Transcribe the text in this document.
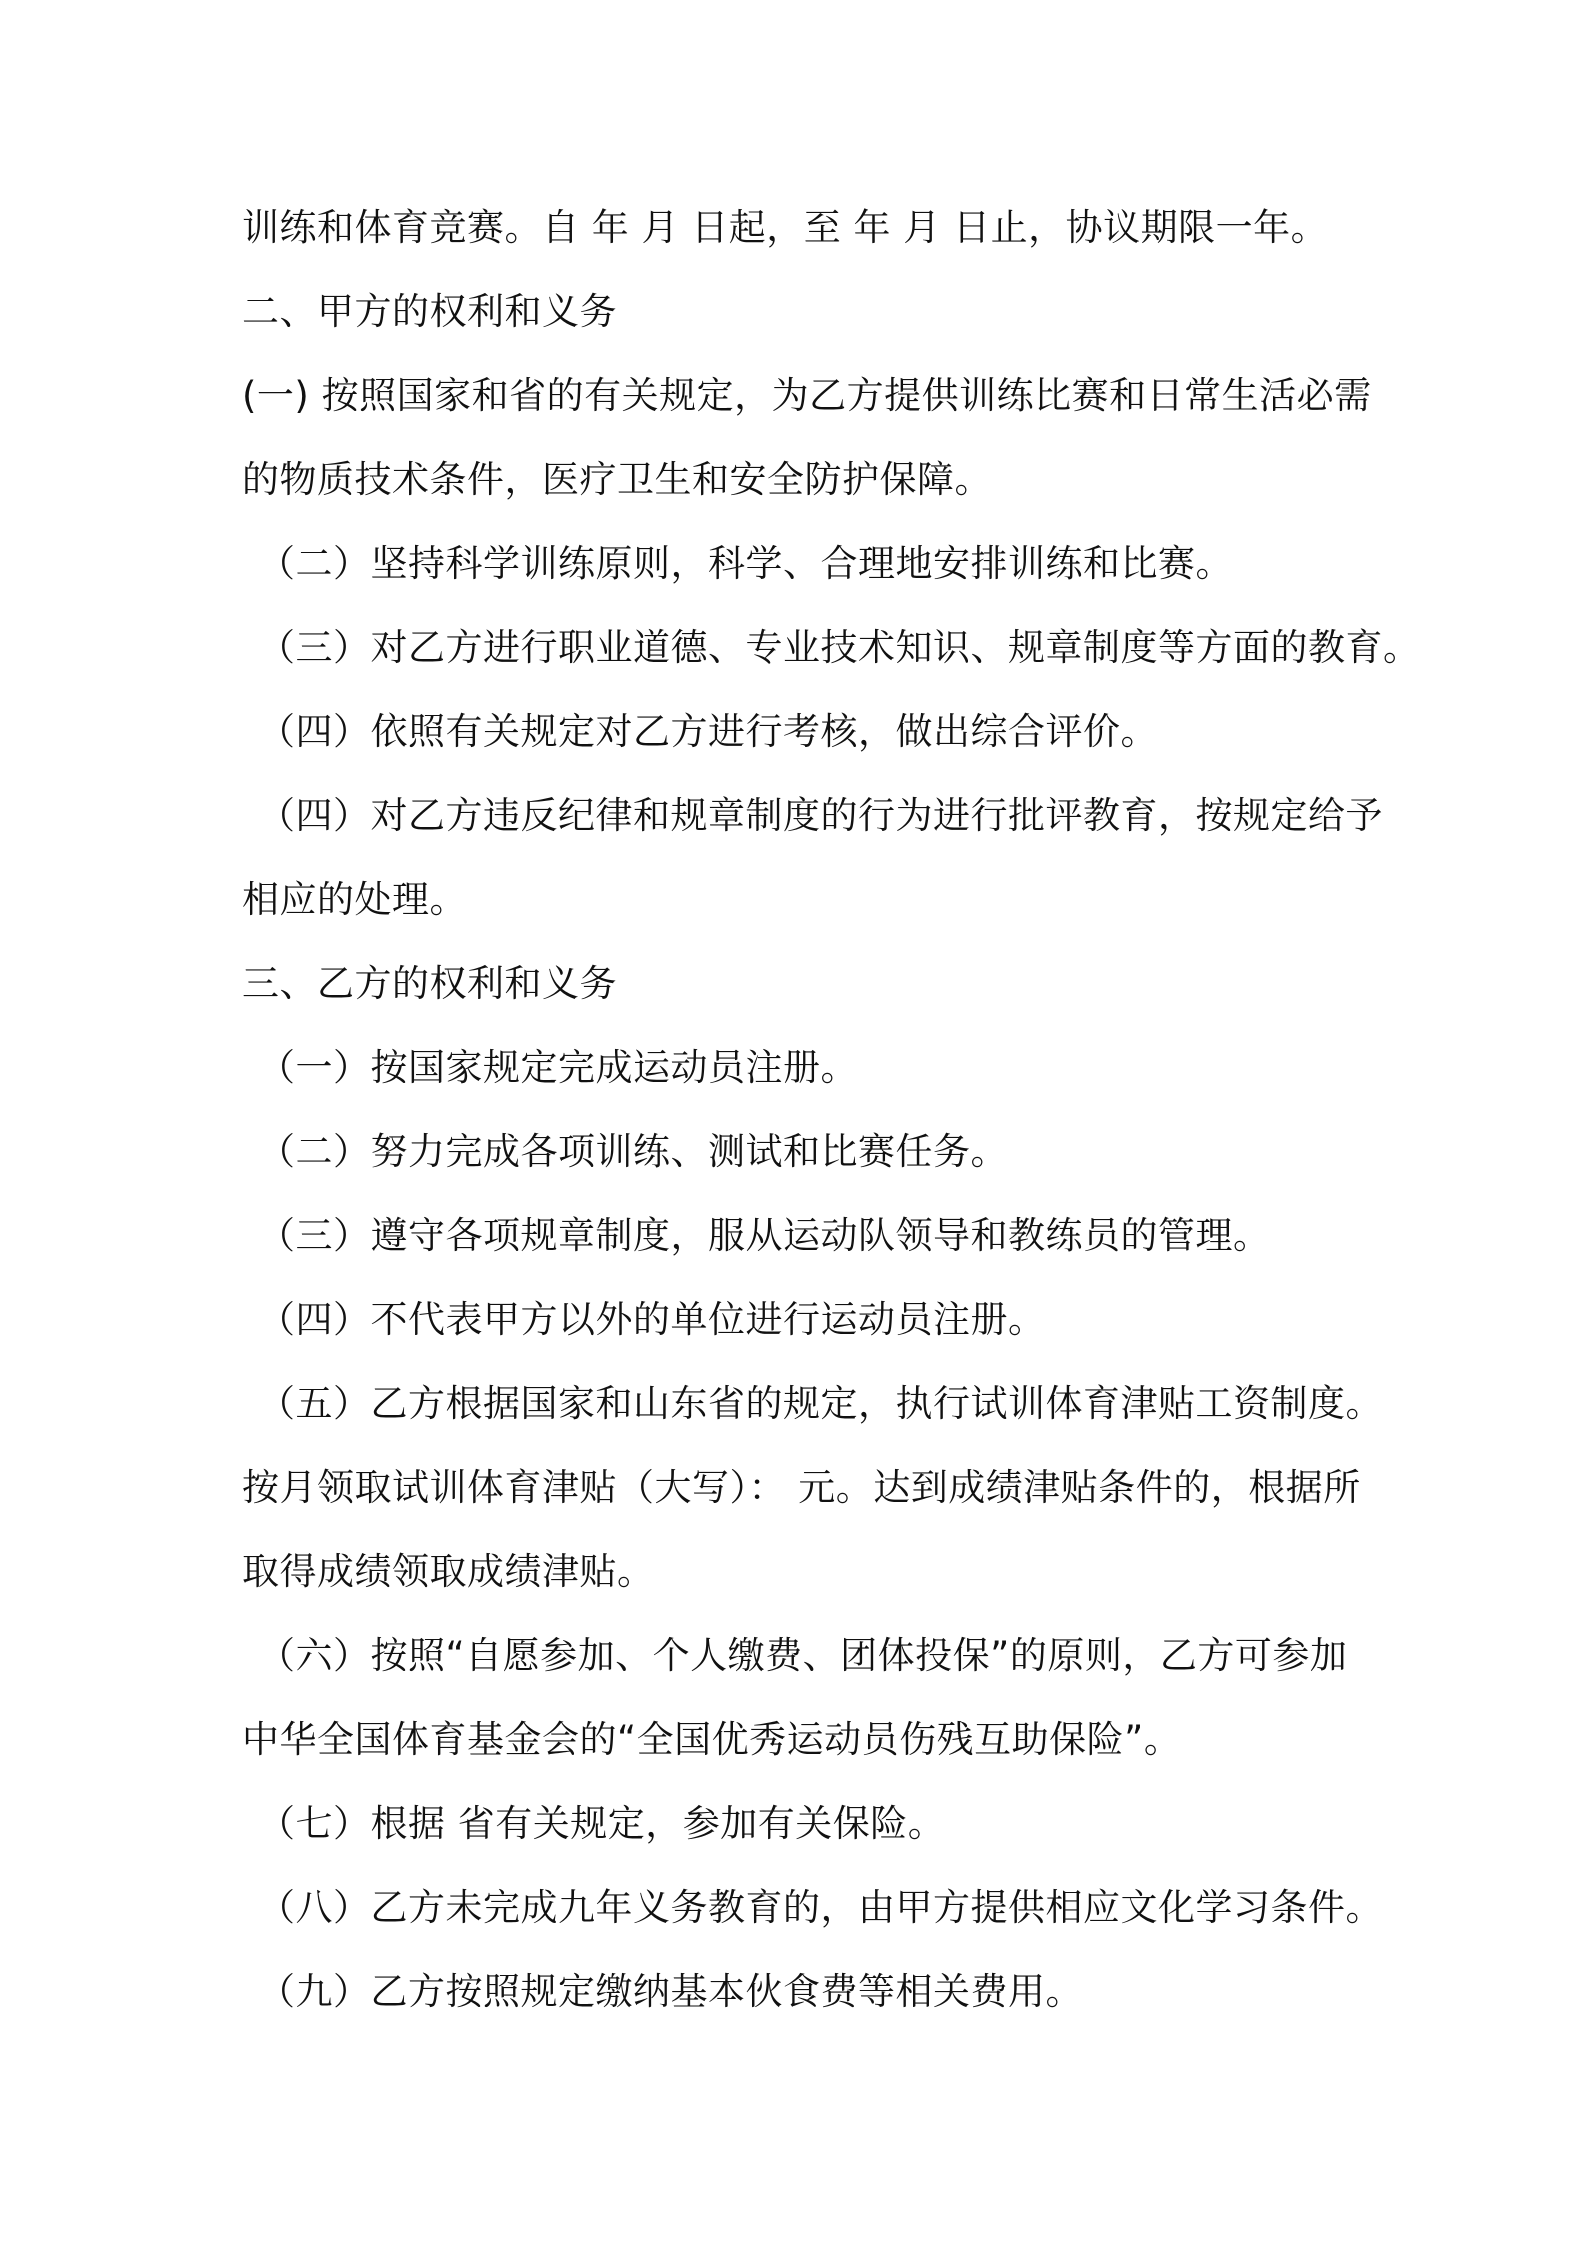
训练和体育竞赛。自 年 月 日起，至 年 月 日止，协议期限一年。
二、甲方的权利和义务
(一) 按照国家和省的有关规定，为乙方提供训练比赛和日常生活必需
的物质技术条件，医疗卫生和安全防护保障。
（二）坚持科学训练原则，科学、合理地安排训练和比赛。
（三）对乙方进行职业道德、专业技术知识、规章制度等方面的教育。
（四）依照有关规定对乙方进行考核，做出综合评价。
（四）对乙方违反纪律和规章制度的行为进行批评教育，按规定给予
相应的处理。
三、乙方的权利和义务
（一）按国家规定完成运动员注册。
（二）努力完成各项训练、测试和比赛任务。
（三）遵守各项规章制度，服从运动队领导和教练员的管理。
（四）不代表甲方以外的单位进行运动员注册。
（五）乙方根据国家和山东省的规定，执行试训体育津贴工资制度。
按月领取试训体育津贴（大写）： 元。达到成绩津贴条件的，根据所
取得成绩领取成绩津贴。
（六）按照“自愿参加、个人缴费、团体投保”的原则，乙方可参加
中华全国体育基金会的“全国优秀运动员伤残互助保险”。
（七）根据 省有关规定，参加有关保险。
（八）乙方未完成九年义务教育的，由甲方提供相应文化学习条件。
（九）乙方按照规定缴纳基本伙食费等相关费用。
